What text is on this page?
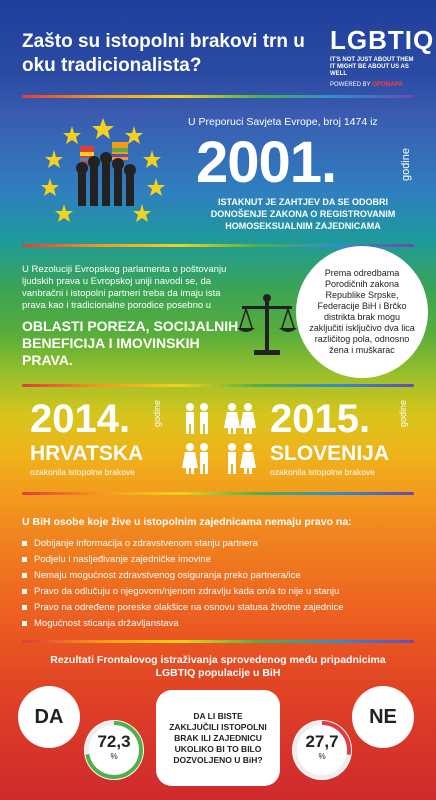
Zašto su istopolni brakovi trn u oku tradicionalista?
LGBTIQ
IT'S NOT JUST ABOUT THEM
IT MIGHT BE ABOUT US AS WELL
POWERED BY OPOMAPA
U Preporuci Savjeta Evrope, broj 1474 iz
2001.	godine
ISTAKNUT JE ZAHTJEV DA SE ODOBRI DONOŠENJE ZAKONA O REGISTROVANIM HOMOSEKSUALNIM ZAJEDNICAMA
U Rezoluciji Evropskog parlamenta o poštovanju ljudskih prava u Evropskoj uniji navodi se, da vanbračni i istopolni partneri treba da imaju ista prava kao i tradicionalne porodice posebno u
OBLASTI POREZA, SOCIJALNIH BENEFICIJA I IMOVINSKIH PRAVA.
Prema odredbama Porodičnih zakona Republike Srpske, Federacije BiH i Brčko distrikta brak mogu zaključiti isključivo dva lica različitog pola, odnosno žena i muškarac
2014. godine
HRVATSKA
ozakonila istopolne brakove
2015.	godine
SLOVENIJA
ozakonila istopolne brakove
U BiH osobe koje žive u istopolnim zajednicama nemaju pravo na:
Dobijanje informacija o zdravstvenom stanju partnera
Podjelu i nasljeđivanje zajedničke imovine
Nemaju mogućnost zdravstvenog osiguranja preko partnera/ice
Pravo da odlučuju o njegovom/njenom zdravlju kada on/a to nije u stanju
Pravo na određene poreske olakšice na osnovu statusa životne zajednice
Mogućnost sticanja državljanstava
Rezultati Frontalovog istraživanja sprovedenog među pripadnicima LGBTIQ populacije u BiH
DA
72,3
%
DA LI BISTE ZAKLJUČILI ISTOPOLNI BRAK ILI ZAJEDNICU UKOLIKO BI TO BILO DOZVOLJENO U BiH?
NE
27,7
%
